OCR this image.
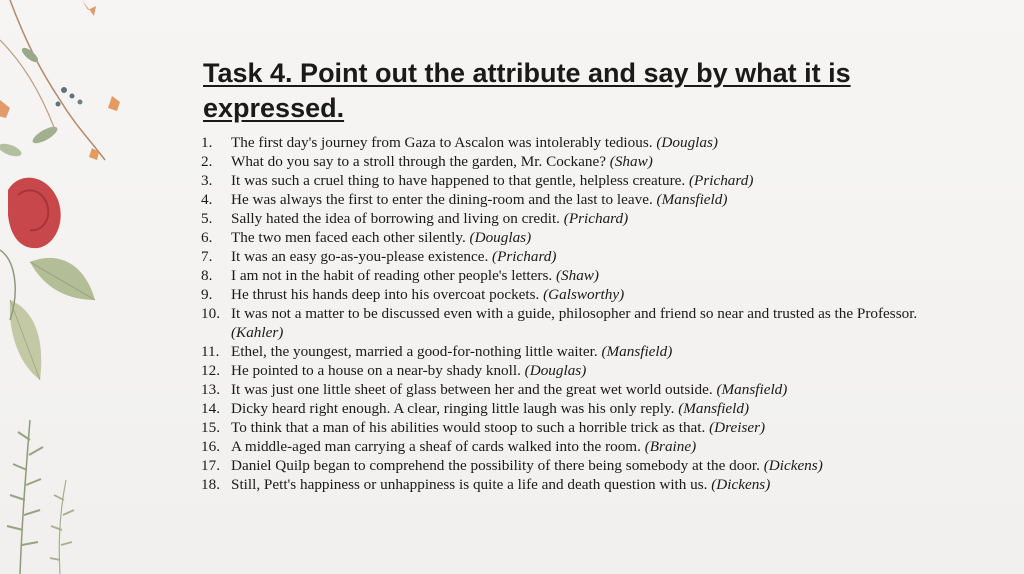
Task 4. Point out the attribute and say by what it is expressed.
1.	The first day's journey from Gaza to Ascalon was intolerably tedious. (Douglas)
2.	What do you say to a stroll through the garden, Mr. Cockane? (Shaw)
3.	It was such a cruel thing to have happened to that gentle, helpless creature. (Prichard)
4.	He was always the first to enter the dining-room and the last to leave. (Mansfield)
5.	Sally hated the idea of borrowing and living on credit. (Prichard)
6.	The two men faced each other silently. (Douglas)
7.	It was an easy go-as-you-please existence. (Prichard)
8.	I am not in the habit of reading other people's letters. (Shaw)
9.	He thrust his hands deep into his overcoat pockets. (Galsworthy)
10. It was not a matter to be discussed even with a guide, philosopher and friend so near and trusted as the Professor. (Kahler)
11. Ethel, the youngest, married a good-for-nothing little waiter. (Mansfield)
12. He pointed to a house on a near-by shady knoll. (Douglas)
13. It was just one little sheet of glass between her and the great wet world outside. (Mansfield)
14. Dicky heard right enough. A clear, ringing little laugh was his only reply. (Mansfield)
15. To think that a man of his abilities would stoop to such a horrible trick as that. (Dreiser)
16. A middle-aged man carrying a sheaf of cards walked into the room. (Braine)
17. Daniel Quilp began to comprehend the possibility of there being somebody at the door. (Dickens)
18. Still, Pett's happiness or unhappiness is quite a life and death question with us. (Dickens)
